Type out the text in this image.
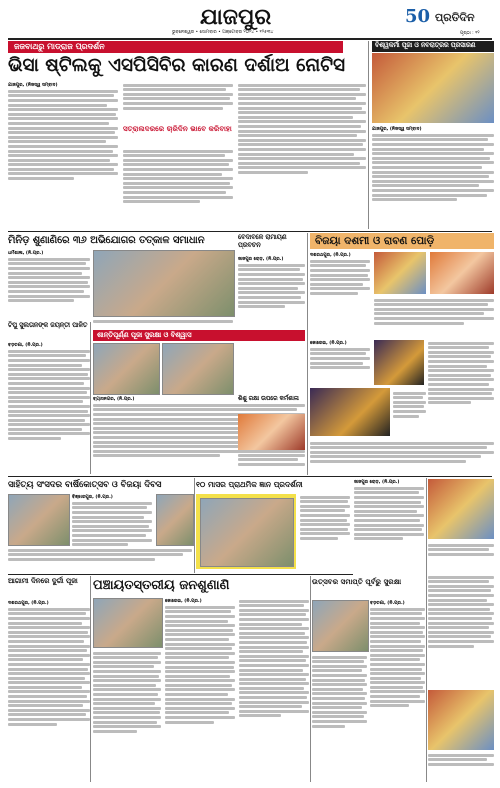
ଯାଜପୁର
ଭୁବନେଶ୍ୱର • ସୋମବାର • ଅକ୍ଟୋବର ୨୦୨୪ • ୧୨୫୩୪
50 ପ୍ରତିଦିନ
ପୃଷ୍ଠା : ୧୨
ଜଜବାଥରୁ ମାଡ୍ରାଜ ପ୍ରଦର୍ଶନ
ଭିସା ଷ୍ଟିଲକୁ ଏସପିସିବିର କାରଣ ଦର୍ଶାଅ ନୋଟିସ
ବିଶ୍ୱକର୍ମା ପୂଜା ଓ ନବରାତ୍ରର ପ୍ରସାରଣ
ଯାଜପୁର, (ନିଜସ୍ୱ ସମ୍ବାଦ)
ଯାଜପୁର, (ନିଜସ୍ୱ ସମ୍ବାଦ)
ସତ୍ରାଲଦରରେ ଚାରିଦିନ ଭାବେ କରିବାହା
ମିନିଡ଼ ଶୁଣାଣିରେ ୩୬ ଅଭିଯୋଗର ତତ୍କାଳ ସମାଧାନ	ବେଦାବଳେ ରାମାୟଣ ପ୍ରବଚନ	ବିଜୟା ଦଶମୀ ଓ ରାବଣ ପୋଡ଼ି
ଧର୍ମଶାଳା, (ନି.ପ୍ର.)
ଟିପୁ ସୁଲତାନଙ୍କ ଜୟନ୍ତୀ ପାଳିତ
ବଡ଼ଚଣା, (ନି.ପ୍ର.)
ଶାନ୍ତିପୂର୍ଣ୍ଣ ପୂଜା ସୁରକ୍ଷା ଓ ବିଶ୍ୱାସ
ବ୍ୟାସନଗର, (ନି.ପ୍ର.)
ଜାଜପୁର ରୋଡ଼, (ନି.ପ୍ର.)
ଶିଶୁ ରକ୍ଷା ଉପରେ କର୍ମଶାଳା
ଦଶରଥପୁର, (ନି.ପ୍ର.)
କୋରେଇ, (ନି.ପ୍ର.)
ସାହିତ୍ୟ ସଂସଦର ବାର୍ଷିକୋତ୍ସବ ଓ ବିଜୟା ଦିବସ
ବିଞ୍ଝାରପୁର, (ନି.ପ୍ର.)
୧୦ ମାସର ପ୍ରାଥମିକ ଜ୍ଞାନ ପ୍ରଦର୍ଶନୀ	ଜାଜପୁର ରୋଡ଼, (ନି.ପ୍ର.)
ଆଗାମୀ ଦିନରେ ଦୁର୍ଗା ପୂଜା
ଦଶରଥପୁର, (ନି.ପ୍ର.)
ପଞ୍ଚାୟତସ୍ତରୀୟ ଜନଶୁଣାଣି
କୋରେଇ, (ନି.ପ୍ର.)
ଉତ୍ସବର ସମାପ୍ତି ପୂର୍ବରୁ ସୁରକ୍ଷା
ବଡ଼ଚଣା, (ନି.ପ୍ର.)
